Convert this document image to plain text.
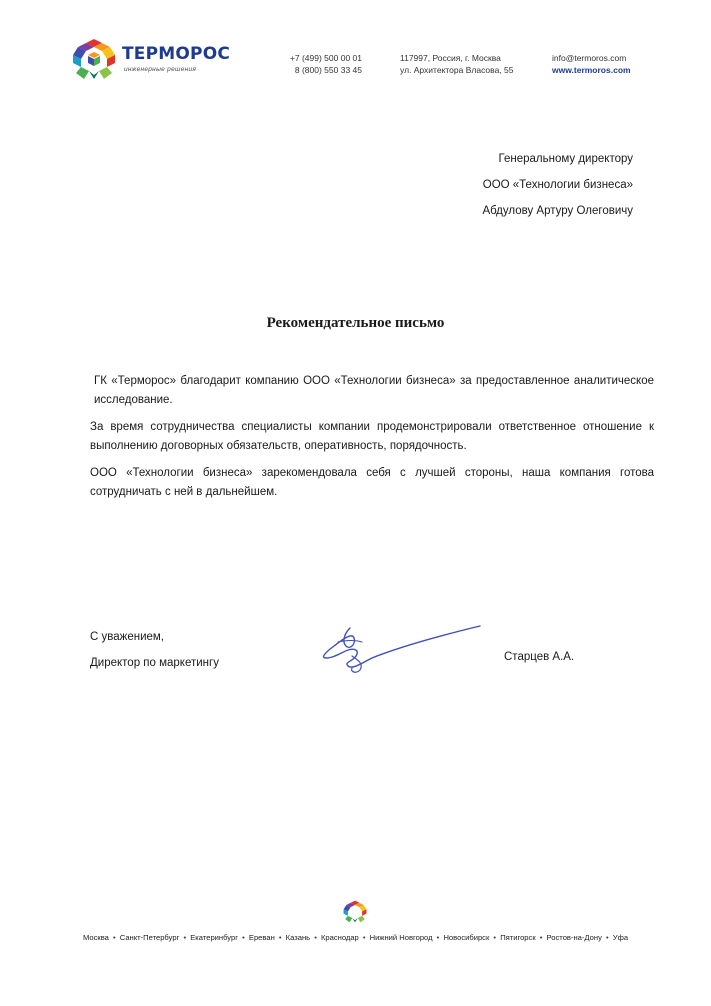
ТЕРМОРОС
инженерные решения
+7 (499) 500 00 01
8 (800) 550 33 45
117997, Россия, г. Москва
ул. Архитектора Власова, 55
info@termoros.com
www.termoros.com
Генеральному директору
ООО «Технологии бизнеса»
Абдулову Артуру Олеговичу
Рекомендательное письмо

ГК «Терморос» благодарит компанию ООО «Технологии бизнеса» за предоставленное аналитическое исследование.

За время сотрудничества специалисты компании продемонстрировали ответственное отношение к выполнению договорных обязательств, оперативность, порядочность.

ООО «Технологии бизнеса» зарекомендовала себя с лучшей стороны, наша компания готова сотрудничать с ней в дальнейшем.

С уважением,
Директор по маркетингу	Старцев А.А.
Москва • Санкт-Петербург • Екатеринбург • Ереван • Казань • Краснодар • Нижний Новгород • Новосибирск • Пятигорск • Ростов-на-Дону • Уфа
